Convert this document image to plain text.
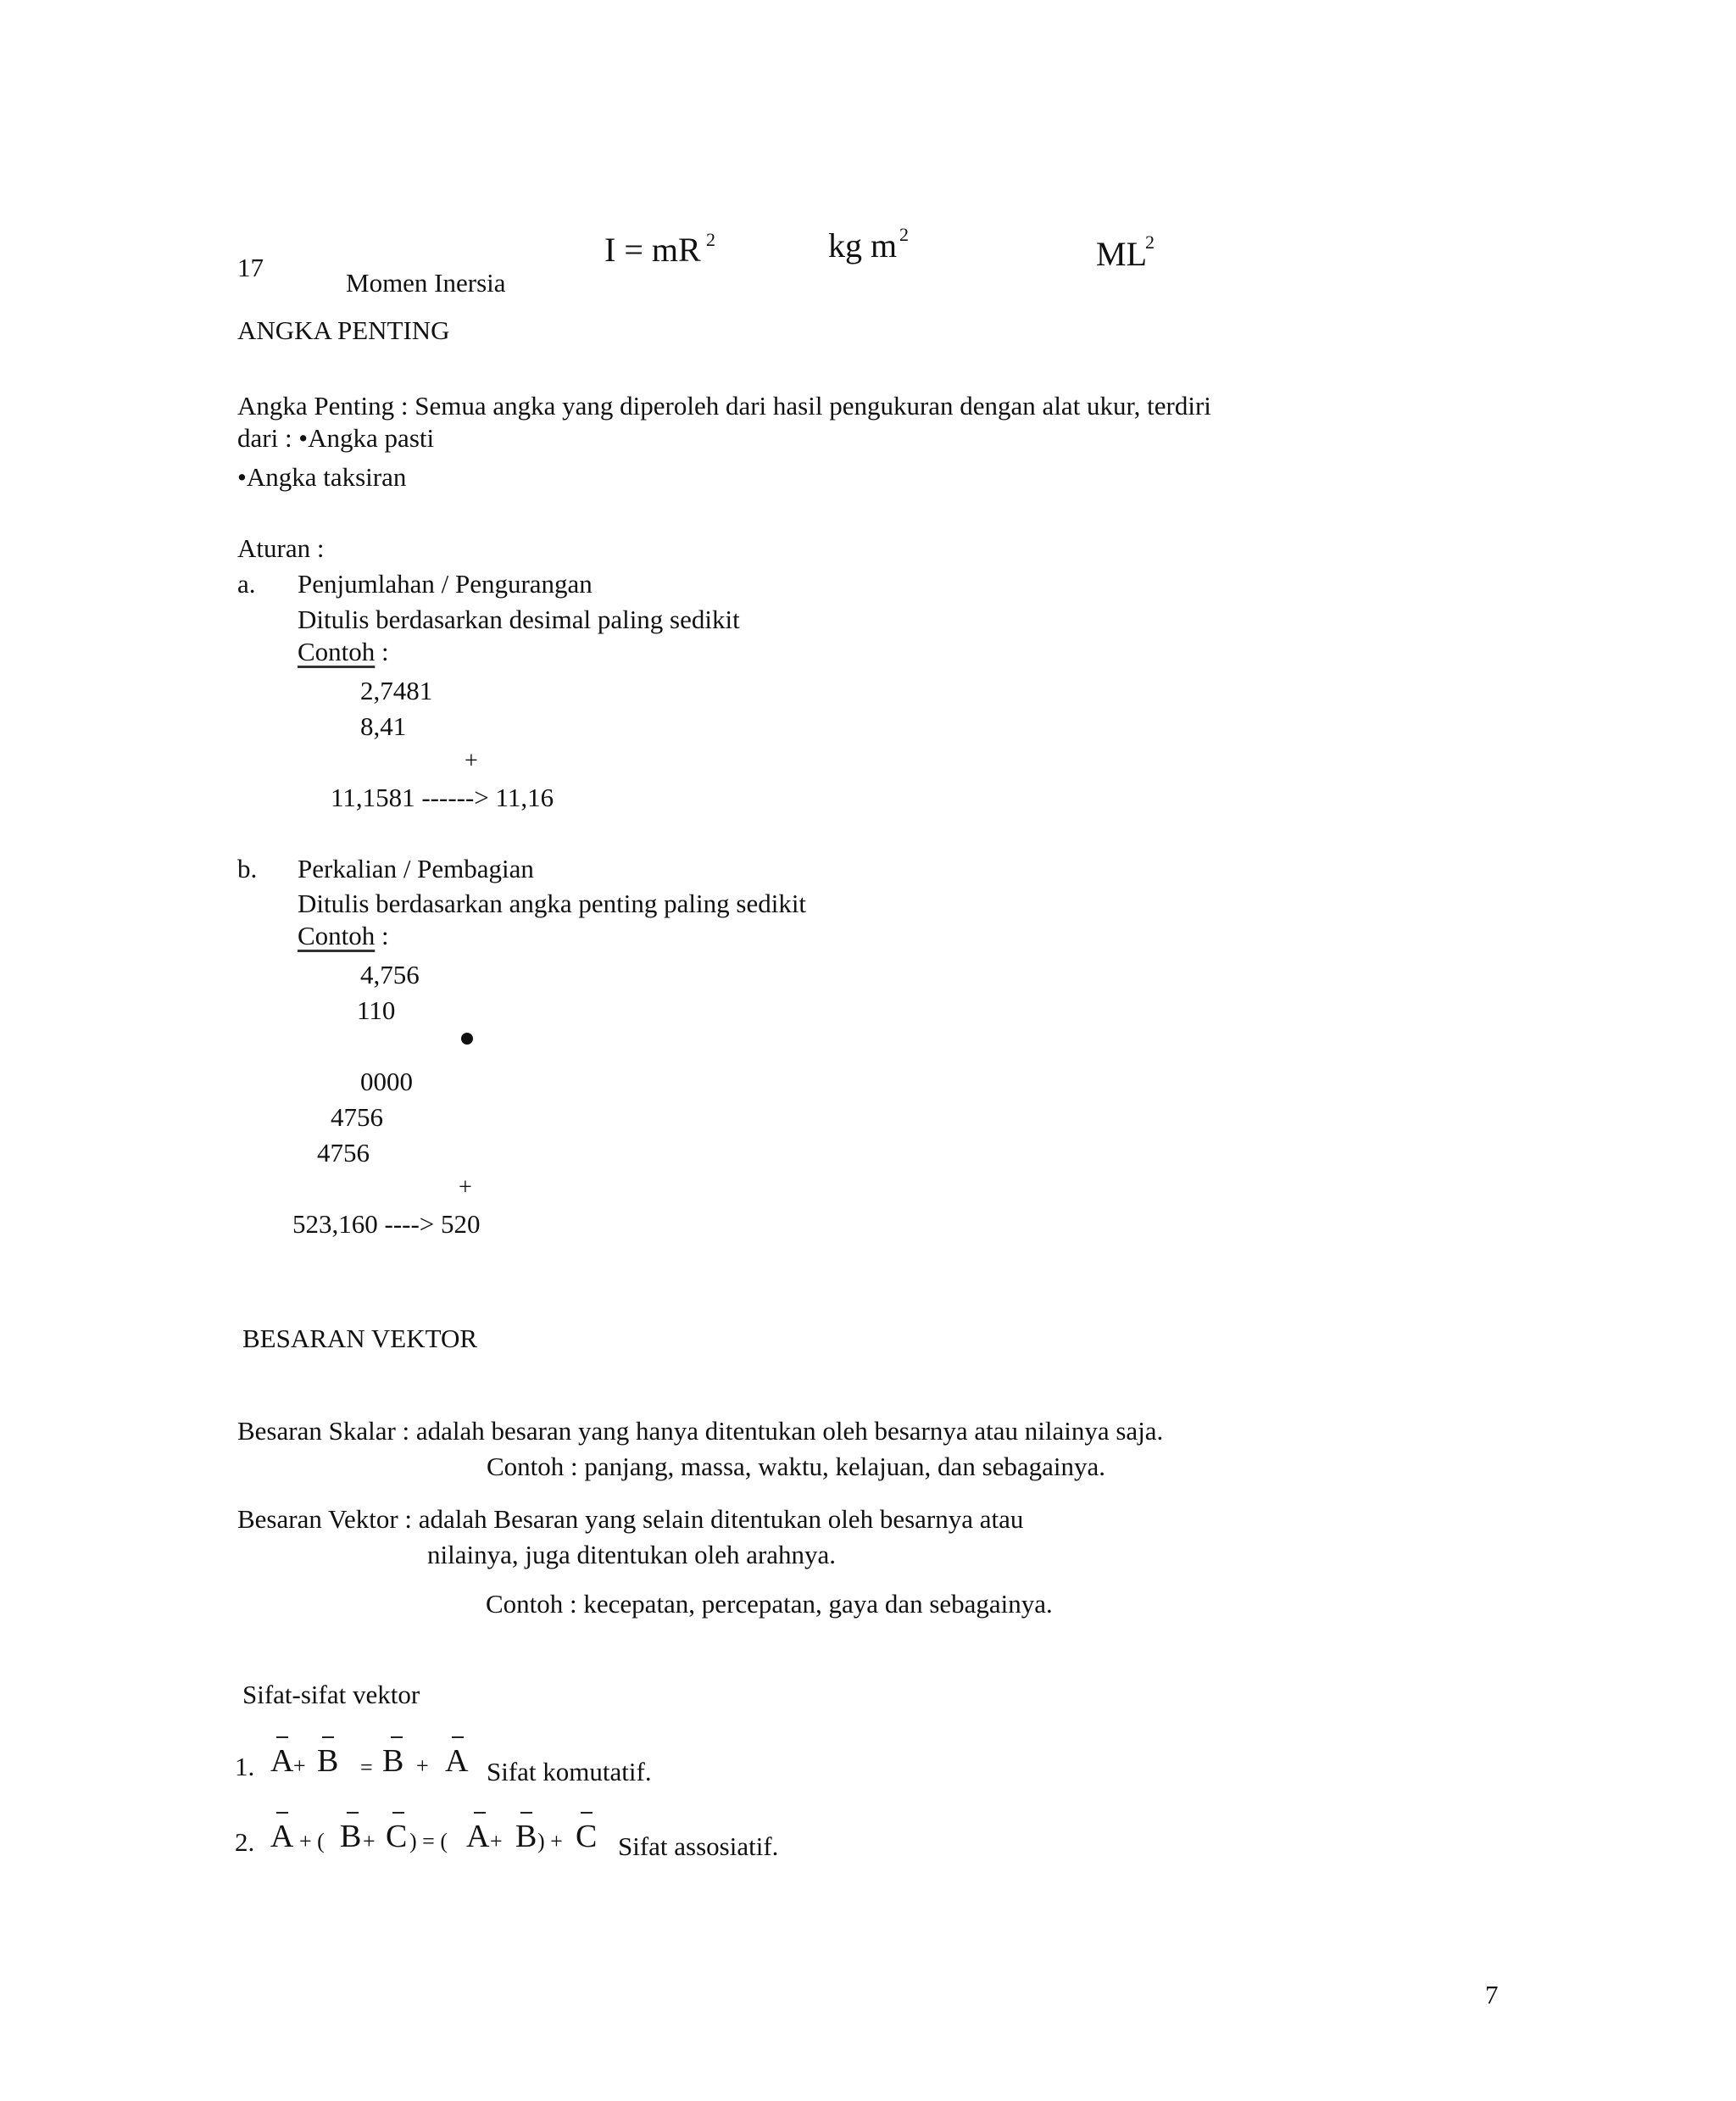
17
Momen Inersia
I = mR 2	kg m 2
ML
2
ANGKA PENTING
Angka Penting : Semua angka yang diperoleh dari hasil pengukuran dengan alat ukur, terdiri
dari : •Angka pasti
•Angka taksiran
Aturan :
a. Penjumlahan / Pengurangan
Ditulis berdasarkan desimal paling sedikit
Contoh :
2,7481
8,41
+
11,1581 ------> 11,16
b. Perkalian / Pembagian
Ditulis berdasarkan angka penting paling sedikit
Contoh :
4,756
110
0000
4756
4756
+
523,160 ----> 520
BESARAN VEKTOR
Besaran Skalar : adalah besaran yang hanya ditentukan oleh besarnya atau nilainya saja.
Contoh : panjang, massa, waktu, kelajuan, dan sebagainya.
Besaran Vektor : adalah Besaran yang selain ditentukan oleh besarnya atau
nilainya, juga ditentukan oleh arahnya.
Contoh : kecepatan, percepatan, gaya dan sebagainya.
Sifat-sifat vektor
1. A + B = B + A Sifat komutatif.
2. A + ( B + C ) = ( A + B ) + C Sifat assosiatif.
7
